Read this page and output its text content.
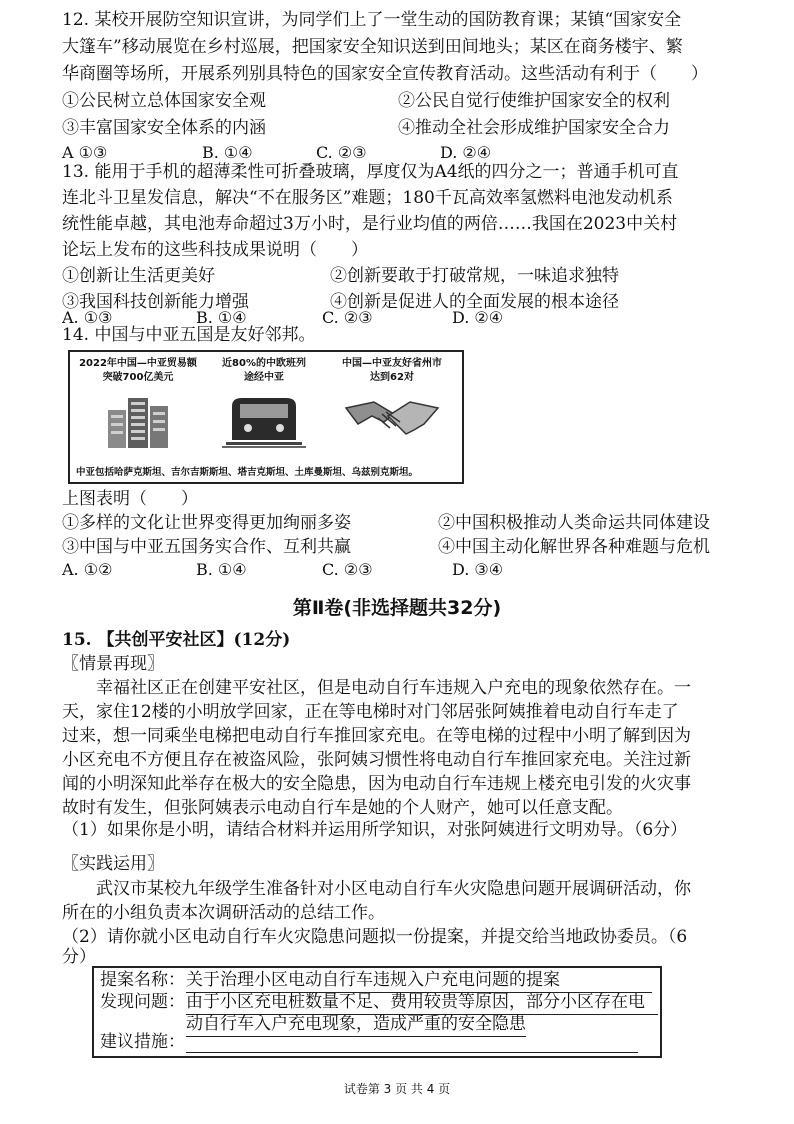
12. 某校开展防空知识宣讲，为同学们上了一堂生动的国防教育课；某镇“国家安全
大篷车”移动展览在乡村巡展，把国家安全知识送到田间地头；某区在商务楼宇、繁
华商圈等场所，开展系列别具特色的国家安全宣传教育活动。这些活动有利于（　　）
①公民树立总体国家安全观	②公民自觉行使维护国家安全的权利
③丰富国家安全体系的内涵	④推动全社会形成维护国家安全合力
A ①③	B. ①④	C. ②③	D. ②④
13. 能用于手机的超薄柔性可折叠玻璃，厚度仅为A4纸的四分之一；普通手机可直
连北斗卫星发信息，解决“不在服务区”难题；180千瓦高效率氢燃料电池发动机系
统性能卓越，其电池寿命超过3万小时，是行业均值的两倍……我国在2023中关村
论坛上发布的这些科技成果说明（　　）
①创新让生活更美好	②创新要敢于打破常规，一味追求独特
③我国科技创新能力增强	④创新是促进人的全面发展的根本途径
A. ①③	B. ①④	C. ②③	D. ②④
14. 中国与中亚五国是友好邻邦。
2022年中国—中亚贸易额
突破700亿美元
近80%的中欧班列
途经中亚
中国—中亚友好省州市
达到62对
中亚包括哈萨克斯坦、吉尔吉斯斯坦、塔吉克斯坦、土库曼斯坦、乌兹别克斯坦。
上图表明（　　）
①多样的文化让世界变得更加绚丽多姿	②中国积极推动人类命运共同体建设
③中国与中亚五国务实合作、互利共赢	④中国主动化解世界各种难题与危机
A. ①②	B. ①④	C. ②③	D. ③④
第Ⅱ卷(非选择题共32分)
15. 【共创平安社区】(12分)
〖情景再现〗
幸福社区正在创建平安社区，但是电动自行车违规入户充电的现象依然存在。一
天，家住12楼的小明放学回家，正在等电梯时对门邻居张阿姨推着电动自行车走了
过来，想一同乘坐电梯把电动自行车推回家充电。在等电梯的过程中小明了解到因为
小区充电不方便且存在被盗风险，张阿姨习惯性将电动自行车推回家充电。关注过新
闻的小明深知此举存在极大的安全隐患，因为电动自行车违规上楼充电引发的火灾事
故时有发生，但张阿姨表示电动自行车是她的个人财产，她可以任意支配。
（1）如果你是小明，请结合材料并运用所学知识，对张阿姨进行文明劝导。（6分）
〖实践运用〗
武汉市某校九年级学生准备针对小区电动自行车火灾隐患问题开展调研活动，你
所在的小组负责本次调研活动的总结工作。
（2）请你就小区电动自行车火灾隐患问题拟一份提案，并提交给当地政协委员。（6
分）
提案名称： 关于治理小区电动自行车违规入户充电问题的提案
发现问题： 由于小区充电桩数量不足、费用较贵等原因，部分小区存在电
动自行车入户充电现象，造成严重的安全隐患
建议措施：
试卷第 3 页 共 4 页
